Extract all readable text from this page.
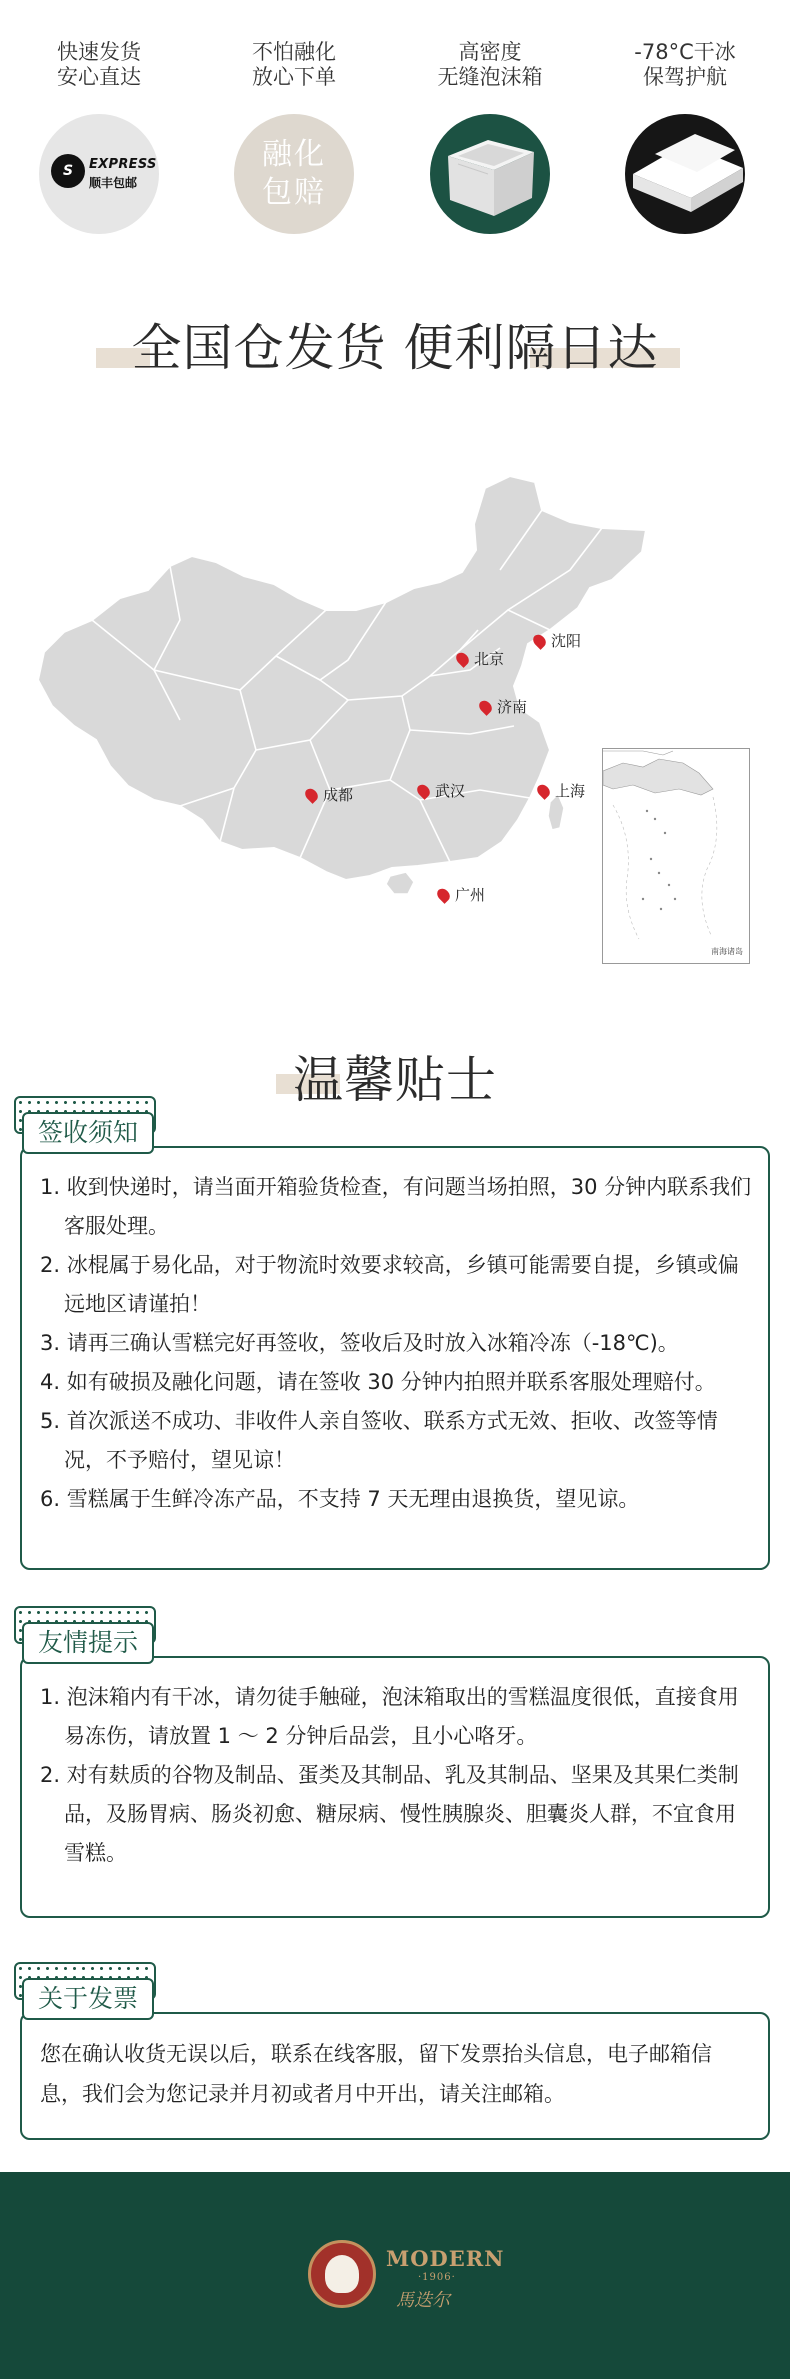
快速发货
安心直达
S	EXPRESS
顺丰包邮
不怕融化
放心下单
融化
包赔
高密度
无缝泡沫箱
-78°C干冰
保驾护航
全国仓发货 便利隔日达
北京
沈阳
济南
成都	武汉	上海
广州
南海诸岛
温馨贴士
签收须知
1. 收到快递时，请当面开箱验货检查，有问题当场拍照，30 分钟内联系我们客服处理。
2. 冰棍属于易化品，对于物流时效要求较高，乡镇可能需要自提，乡镇或偏远地区请谨拍！
3. 请再三确认雪糕完好再签收，签收后及时放入冰箱冷冻（-18℃)。
4. 如有破损及融化问题，请在签收 30 分钟内拍照并联系客服处理赔付。
5. 首次派送不成功、非收件人亲自签收、联系方式无效、拒收、改签等情况，不予赔付，望见谅！
6. 雪糕属于生鲜冷冻产品，不支持 7 天无理由退换货，望见谅。
友情提示
1. 泡沫箱内有干冰，请勿徒手触碰，泡沫箱取出的雪糕温度很低，直接食用易冻伤，请放置 1 ～ 2 分钟后品尝，且小心咯牙。
2. 对有麸质的谷物及制品、蛋类及其制品、乳及其制品、坚果及其果仁类制品，及肠胃病、肠炎初愈、糖尿病、慢性胰腺炎、胆囊炎人群，不宜食用雪糕。
关于发票

您在确认收货无误以后，联系在线客服，留下发票抬头信息，电子邮箱信息，我们会为您记录并月初或者月中开出，请关注邮箱。

MODERN
·1906·
馬迭尔
